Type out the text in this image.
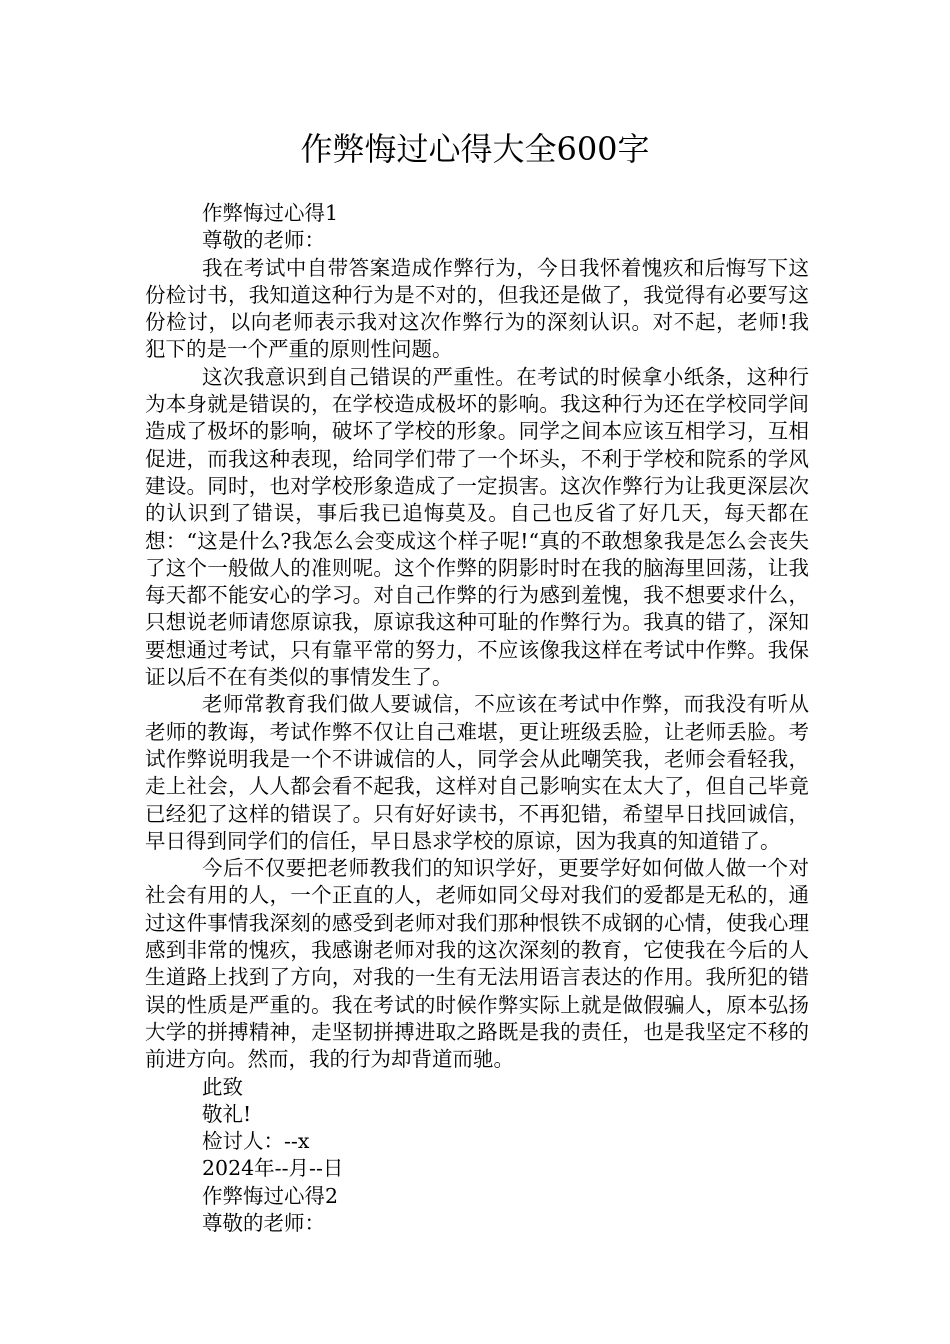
作弊悔过心得大全600字

作弊悔过心得1

尊敬的老师：

我在考试中自带答案造成作弊行为，今日我怀着愧疚和后悔写下这份检讨书，我知道这种行为是不对的，但我还是做了，我觉得有必要写这份检讨，以向老师表示我对这次作弊行为的深刻认识。对不起，老师!我犯下的是一个严重的原则性问题。

这次我意识到自己错误的严重性。在考试的时候拿小纸条，这种行为本身就是错误的，在学校造成极坏的影响。我这种行为还在学校同学间造成了极坏的影响，破坏了学校的形象。同学之间本应该互相学习，互相促进，而我这种表现，给同学们带了一个坏头，不利于学校和院系的学风建设。同时，也对学校形象造成了一定损害。这次作弊行为让我更深层次的认识到了错误，事后我已追悔莫及。自己也反省了好几天，每天都在想：“这是什么?我怎么会变成这个样子呢!“真的不敢想象我是怎么会丧失了这个一般做人的准则呢。这个作弊的阴影时时在我的脑海里回荡，让我每天都不能安心的学习。对自己作弊的行为感到羞愧，我不想要求什么，只想说老师请您原谅我，原谅我这种可耻的作弊行为。我真的错了，深知要想通过考试，只有靠平常的努力，不应该像我这样在考试中作弊。我保证以后不在有类似的事情发生了。

老师常教育我们做人要诚信，不应该在考试中作弊，而我没有听从老师的教诲，考试作弊不仅让自己难堪，更让班级丢脸，让老师丢脸。考试作弊说明我是一个不讲诚信的人，同学会从此嘲笑我，老师会看轻我，走上社会，人人都会看不起我，这样对自己影响实在太大了，但自己毕竟已经犯了这样的错误了。只有好好读书，不再犯错，希望早日找回诚信，早日得到同学们的信任，早日恳求学校的原谅，因为我真的知道错了。

今后不仅要把老师教我们的知识学好，更要学好如何做人做一个对社会有用的人，一个正直的人，老师如同父母对我们的爱都是无私的，通过这件事情我深刻的感受到老师对我们那种恨铁不成钢的心情，使我心理感到非常的愧疚，我感谢老师对我的这次深刻的教育，它使我在今后的人生道路上找到了方向，对我的一生有无法用语言表达的作用。我所犯的错误的性质是严重的。我在考试的时候作弊实际上就是做假骗人，原本弘扬大学的拼搏精神，走坚韧拼搏进取之路既是我的责任，也是我坚定不移的前进方向。然而，我的行为却背道而驰。

此致

敬礼!

检讨人：--x

2024年--月--日

作弊悔过心得2

尊敬的老师：
